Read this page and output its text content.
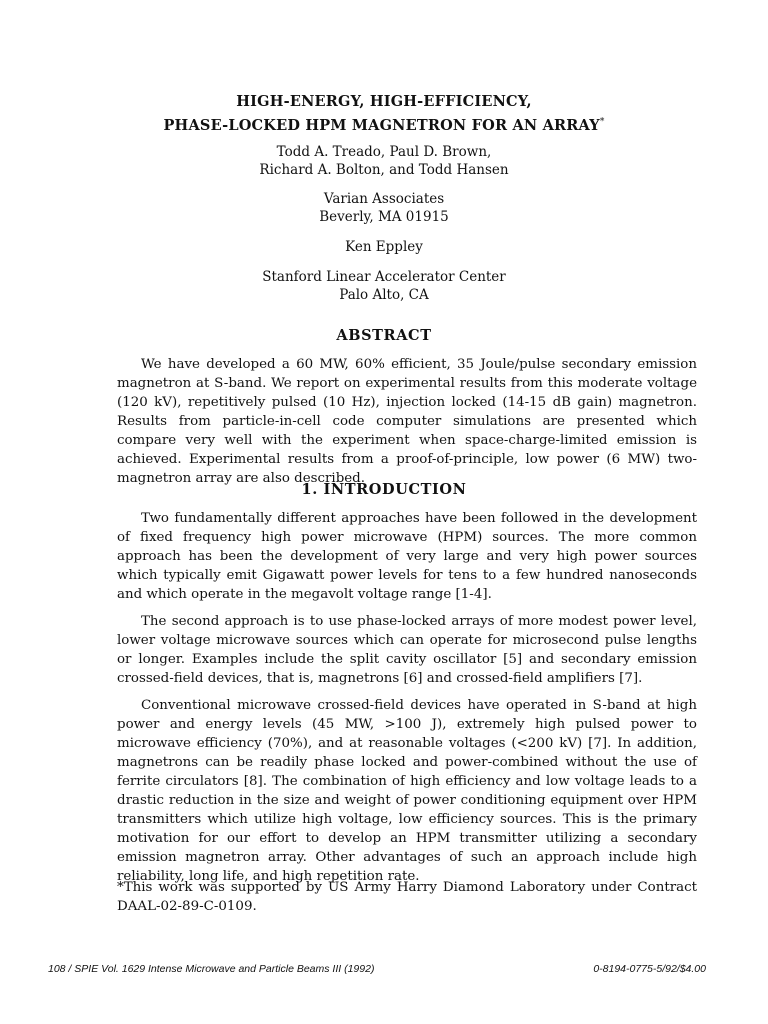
HIGH-ENERGY, HIGH-EFFICIENCY,
PHASE-LOCKED HPM MAGNETRON FOR AN ARRAY*
Todd A. Treado, Paul D. Brown,
Richard A. Bolton, and Todd Hansen
Varian Associates
Beverly, MA 01915
Ken Eppley
Stanford Linear Accelerator Center
Palo Alto, CA
ABSTRACT

We have developed a 60 MW, 60% efficient, 35 Joule/pulse secondary emission magnetron at S-band. We report on experimental results from this moderate voltage (120 kV), repetitively pulsed (10 Hz), injection locked (14-15 dB gain) magnetron. Results from particle-in-cell code computer simulations are presented which compare very well with the experiment when space-charge-limited emission is achieved. Experimental results from a proof-of-principle, low power (6 MW) two-magnetron array are also described.

1. INTRODUCTION

Two fundamentally different approaches have been followed in the development of fixed frequency high power microwave (HPM) sources. The more common approach has been the development of very large and very high power sources which typically emit Gigawatt power levels for tens to a few hundred nanoseconds and which operate in the megavolt voltage range [1-4].

The second approach is to use phase-locked arrays of more modest power level, lower voltage microwave sources which can operate for microsecond pulse lengths or longer. Examples include the split cavity oscillator [5] and secondary emission crossed-field devices, that is, magnetrons [6] and crossed-field amplifiers [7].

Conventional microwave crossed-field devices have operated in S-band at high power and energy levels (45 MW, >100 J), extremely high pulsed power to microwave efficiency (70%), and at reasonable voltages (<200 kV) [7]. In addition, magnetrons can be readily phase locked and power-combined without the use of ferrite circulators [8]. The combination of high efficiency and low voltage leads to a drastic reduction in the size and weight of power conditioning equipment over HPM transmitters which utilize high voltage, low efficiency sources. This is the primary motivation for our effort to develop an HPM transmitter utilizing a secondary emission magnetron array. Other advantages of such an approach include high reliability, long life, and high repetition rate.

*This work was supported by US Army Harry Diamond Laboratory under Contract DAAL-02-89-C-0109.

108 / SPIE Vol. 1629 Intense Microwave and Particle Beams III (1992)	0-8194-0775-5/92/$4.00
